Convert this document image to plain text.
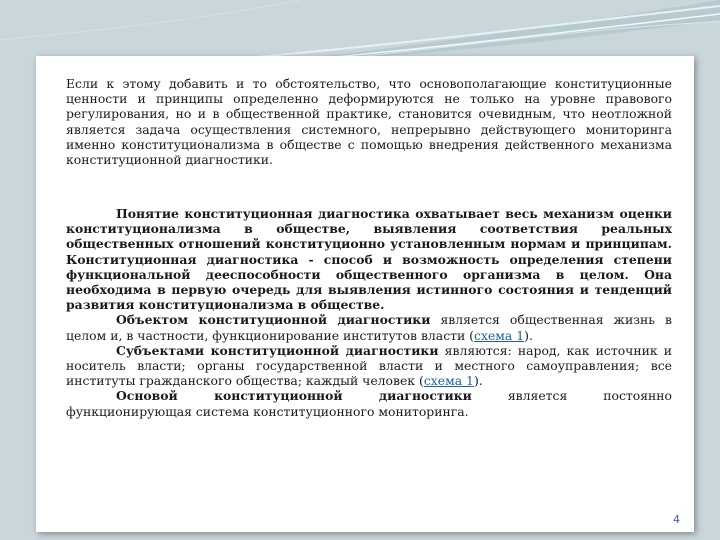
Если к этому добавить и то обстоятельство, что основополагающие конституционные ценности и принципы определенно деформируются не только на уровне правового регулирования, но и в общественной практике, становится очевидным, что неотложной является задача осуществления системного, непрерывно действующего мониторинга именно конституционализма в обществе с помощью внедрения действенного механизма конституционной диагностики.

Понятие конституционная диагностика охватывает весь механизм оценки конституционализма в обществе, выявления соответствия реальных общественных отношений конституционно установленным нормам и принципам. Конституционная диагностика - способ и возможность определения степени функциональной дееспособности общественного организма в целом. Она необходима в первую очередь для выявления истинного состояния и тенденций развития конституционализма в обществе.

Объектом конституционной диагностики является общественная жизнь в целом и, в частности, функционирование институтов власти (схема 1).

Субъектами конституционной диагностики являются: народ, как источник и носитель власти; органы государственной власти и местного самоуправления; все институты гражданского общества; каждый человек (схема 1).

Основой конституционной диагностики является постоянно функционирующая система конституционного мониторинга.

4
